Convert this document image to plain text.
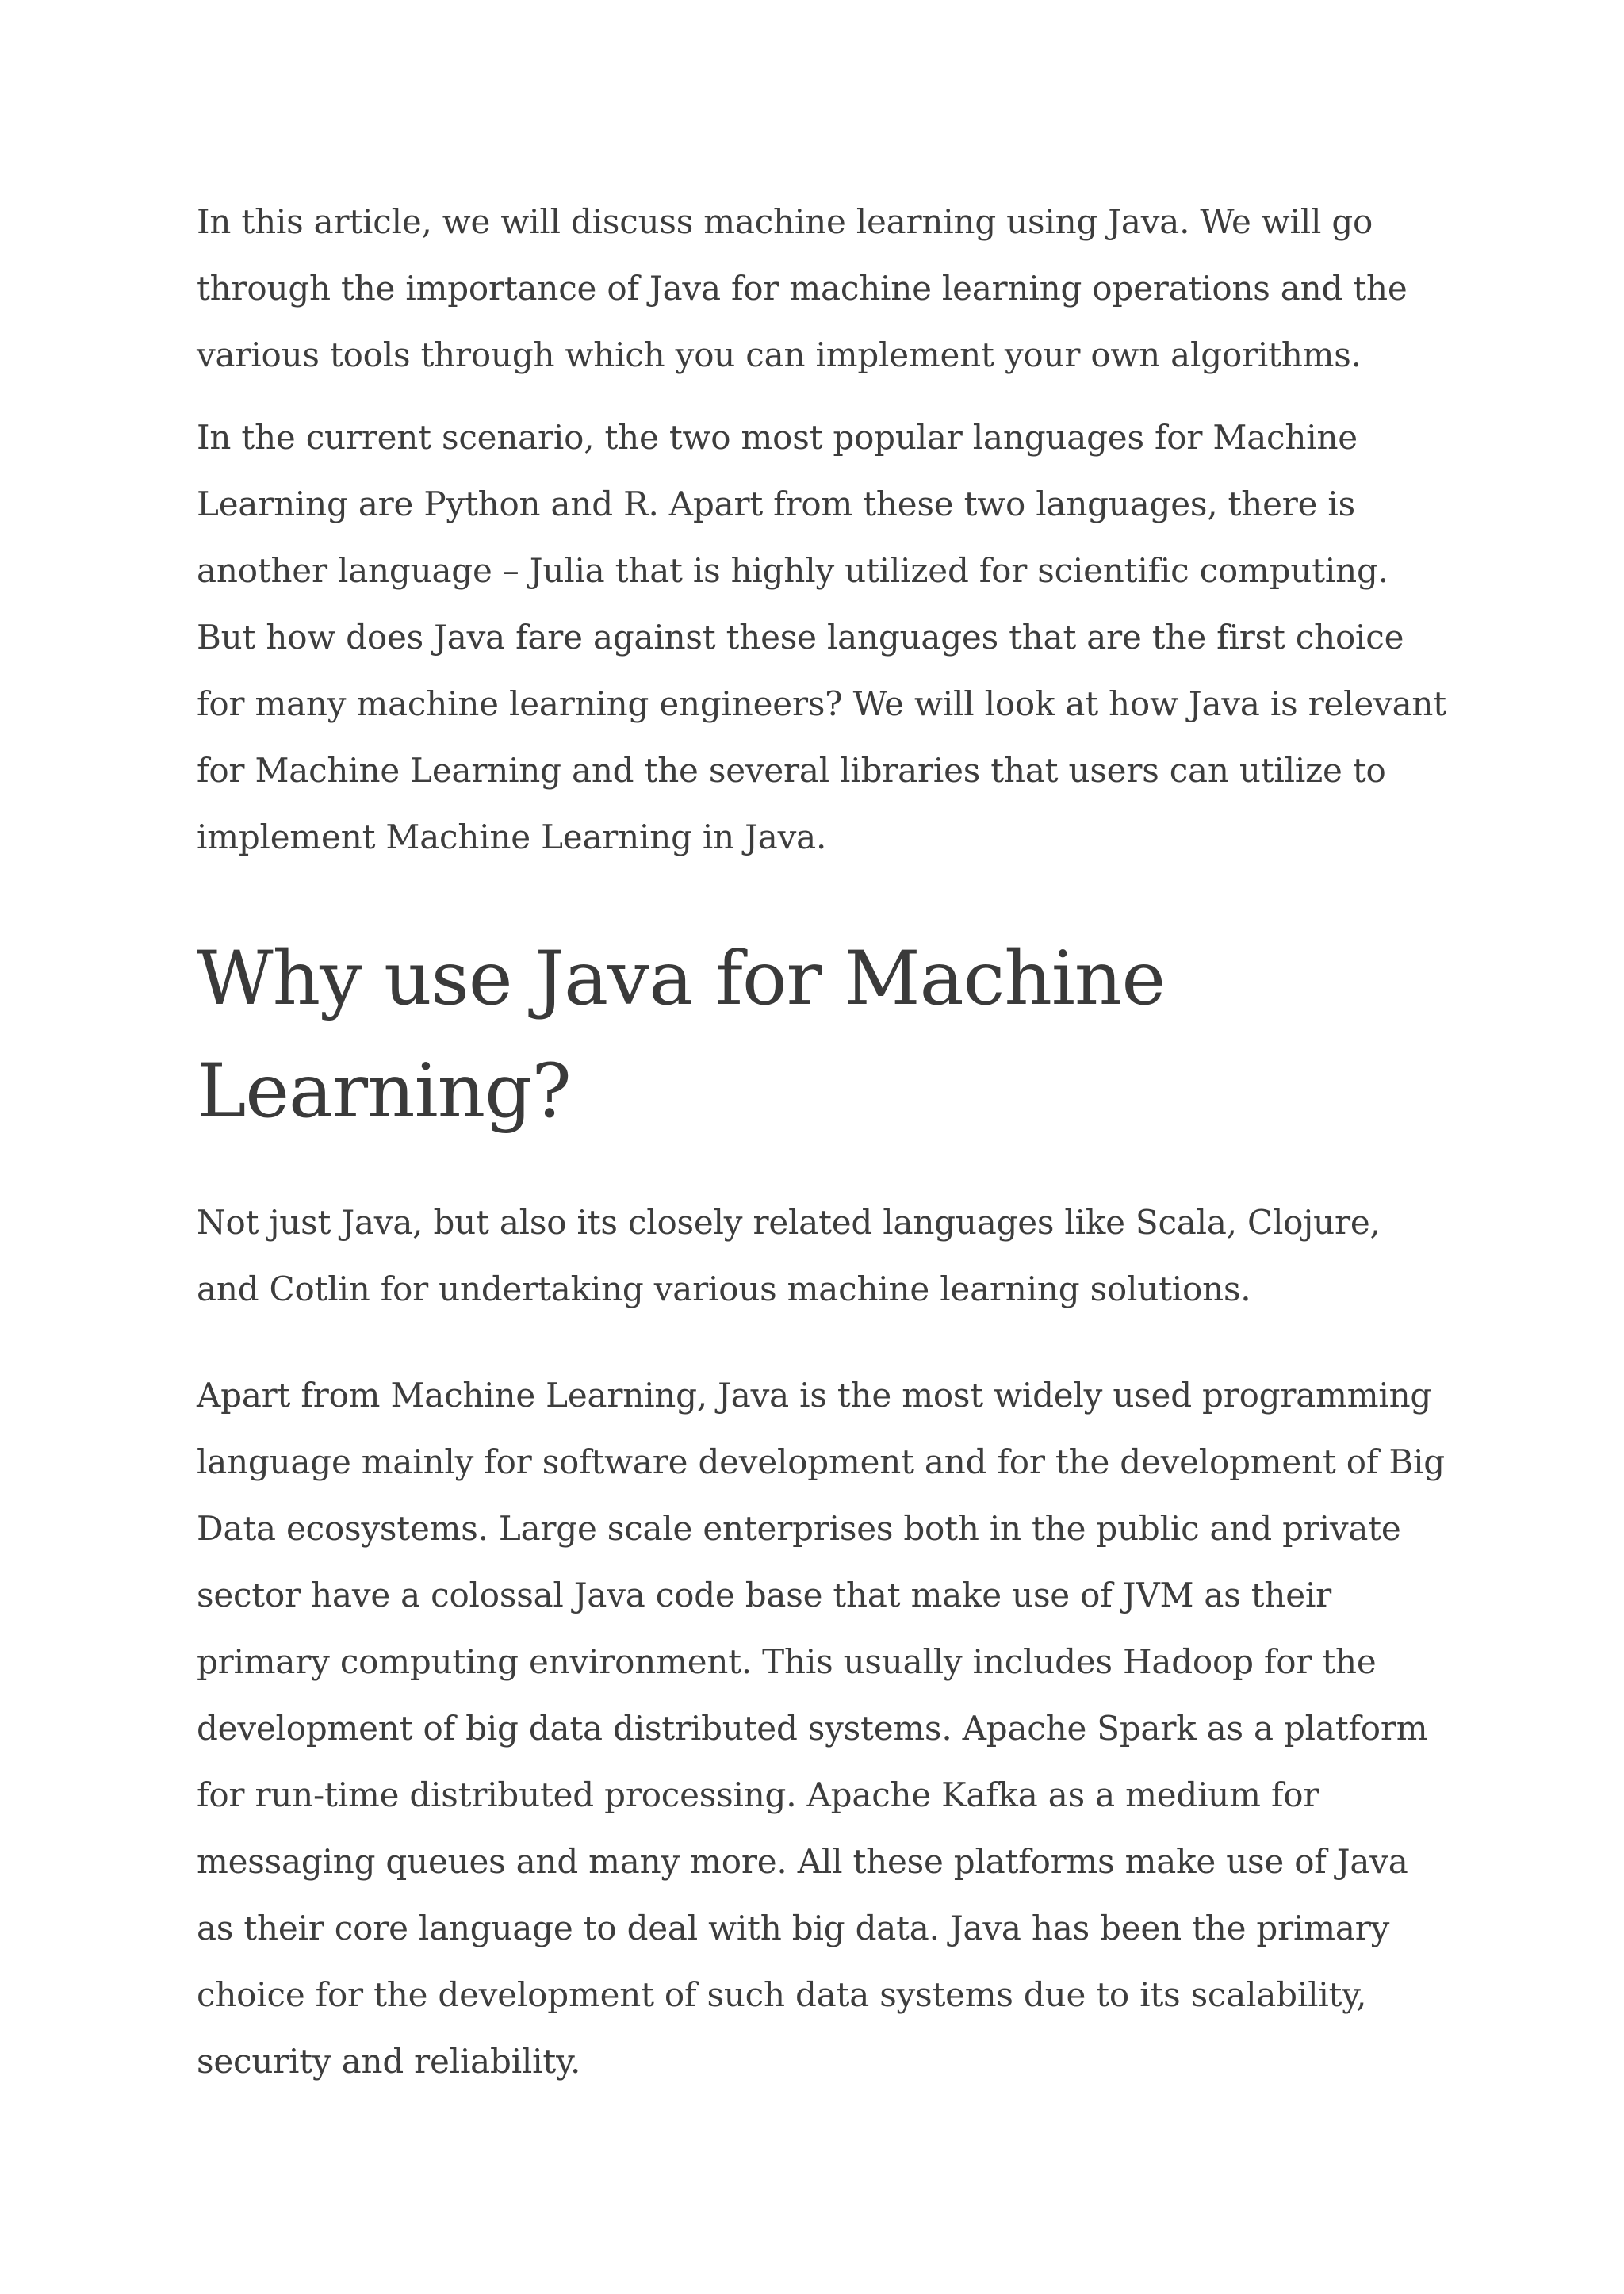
In this article, we will discuss machine learning using Java. We will go through the importance of Java for machine learning operations and the various tools through which you can implement your own algorithms.

In the current scenario, the two most popular languages for Machine Learning are Python and R. Apart from these two languages, there is another language – Julia that is highly utilized for scientific computing. But how does Java fare against these languages that are the first choice for many machine learning engineers? We will look at how Java is relevant for Machine Learning and the several libraries that users can utilize to implement Machine Learning in Java.

Why use Java for Machine Learning?

Not just Java, but also its closely related languages like Scala, Clojure, and Cotlin for undertaking various machine learning solutions.

Apart from Machine Learning, Java is the most widely used programming language mainly for software development and for the development of Big Data ecosystems. Large scale enterprises both in the public and private sector have a colossal Java code base that make use of JVM as their primary computing environment. This usually includes Hadoop for the development of big data distributed systems. Apache Spark as a platform for run-time distributed processing. Apache Kafka as a medium for messaging queues and many more. All these platforms make use of Java as their core language to deal with big data. Java has been the primary choice for the development of such data systems due to its scalability, security and reliability.
